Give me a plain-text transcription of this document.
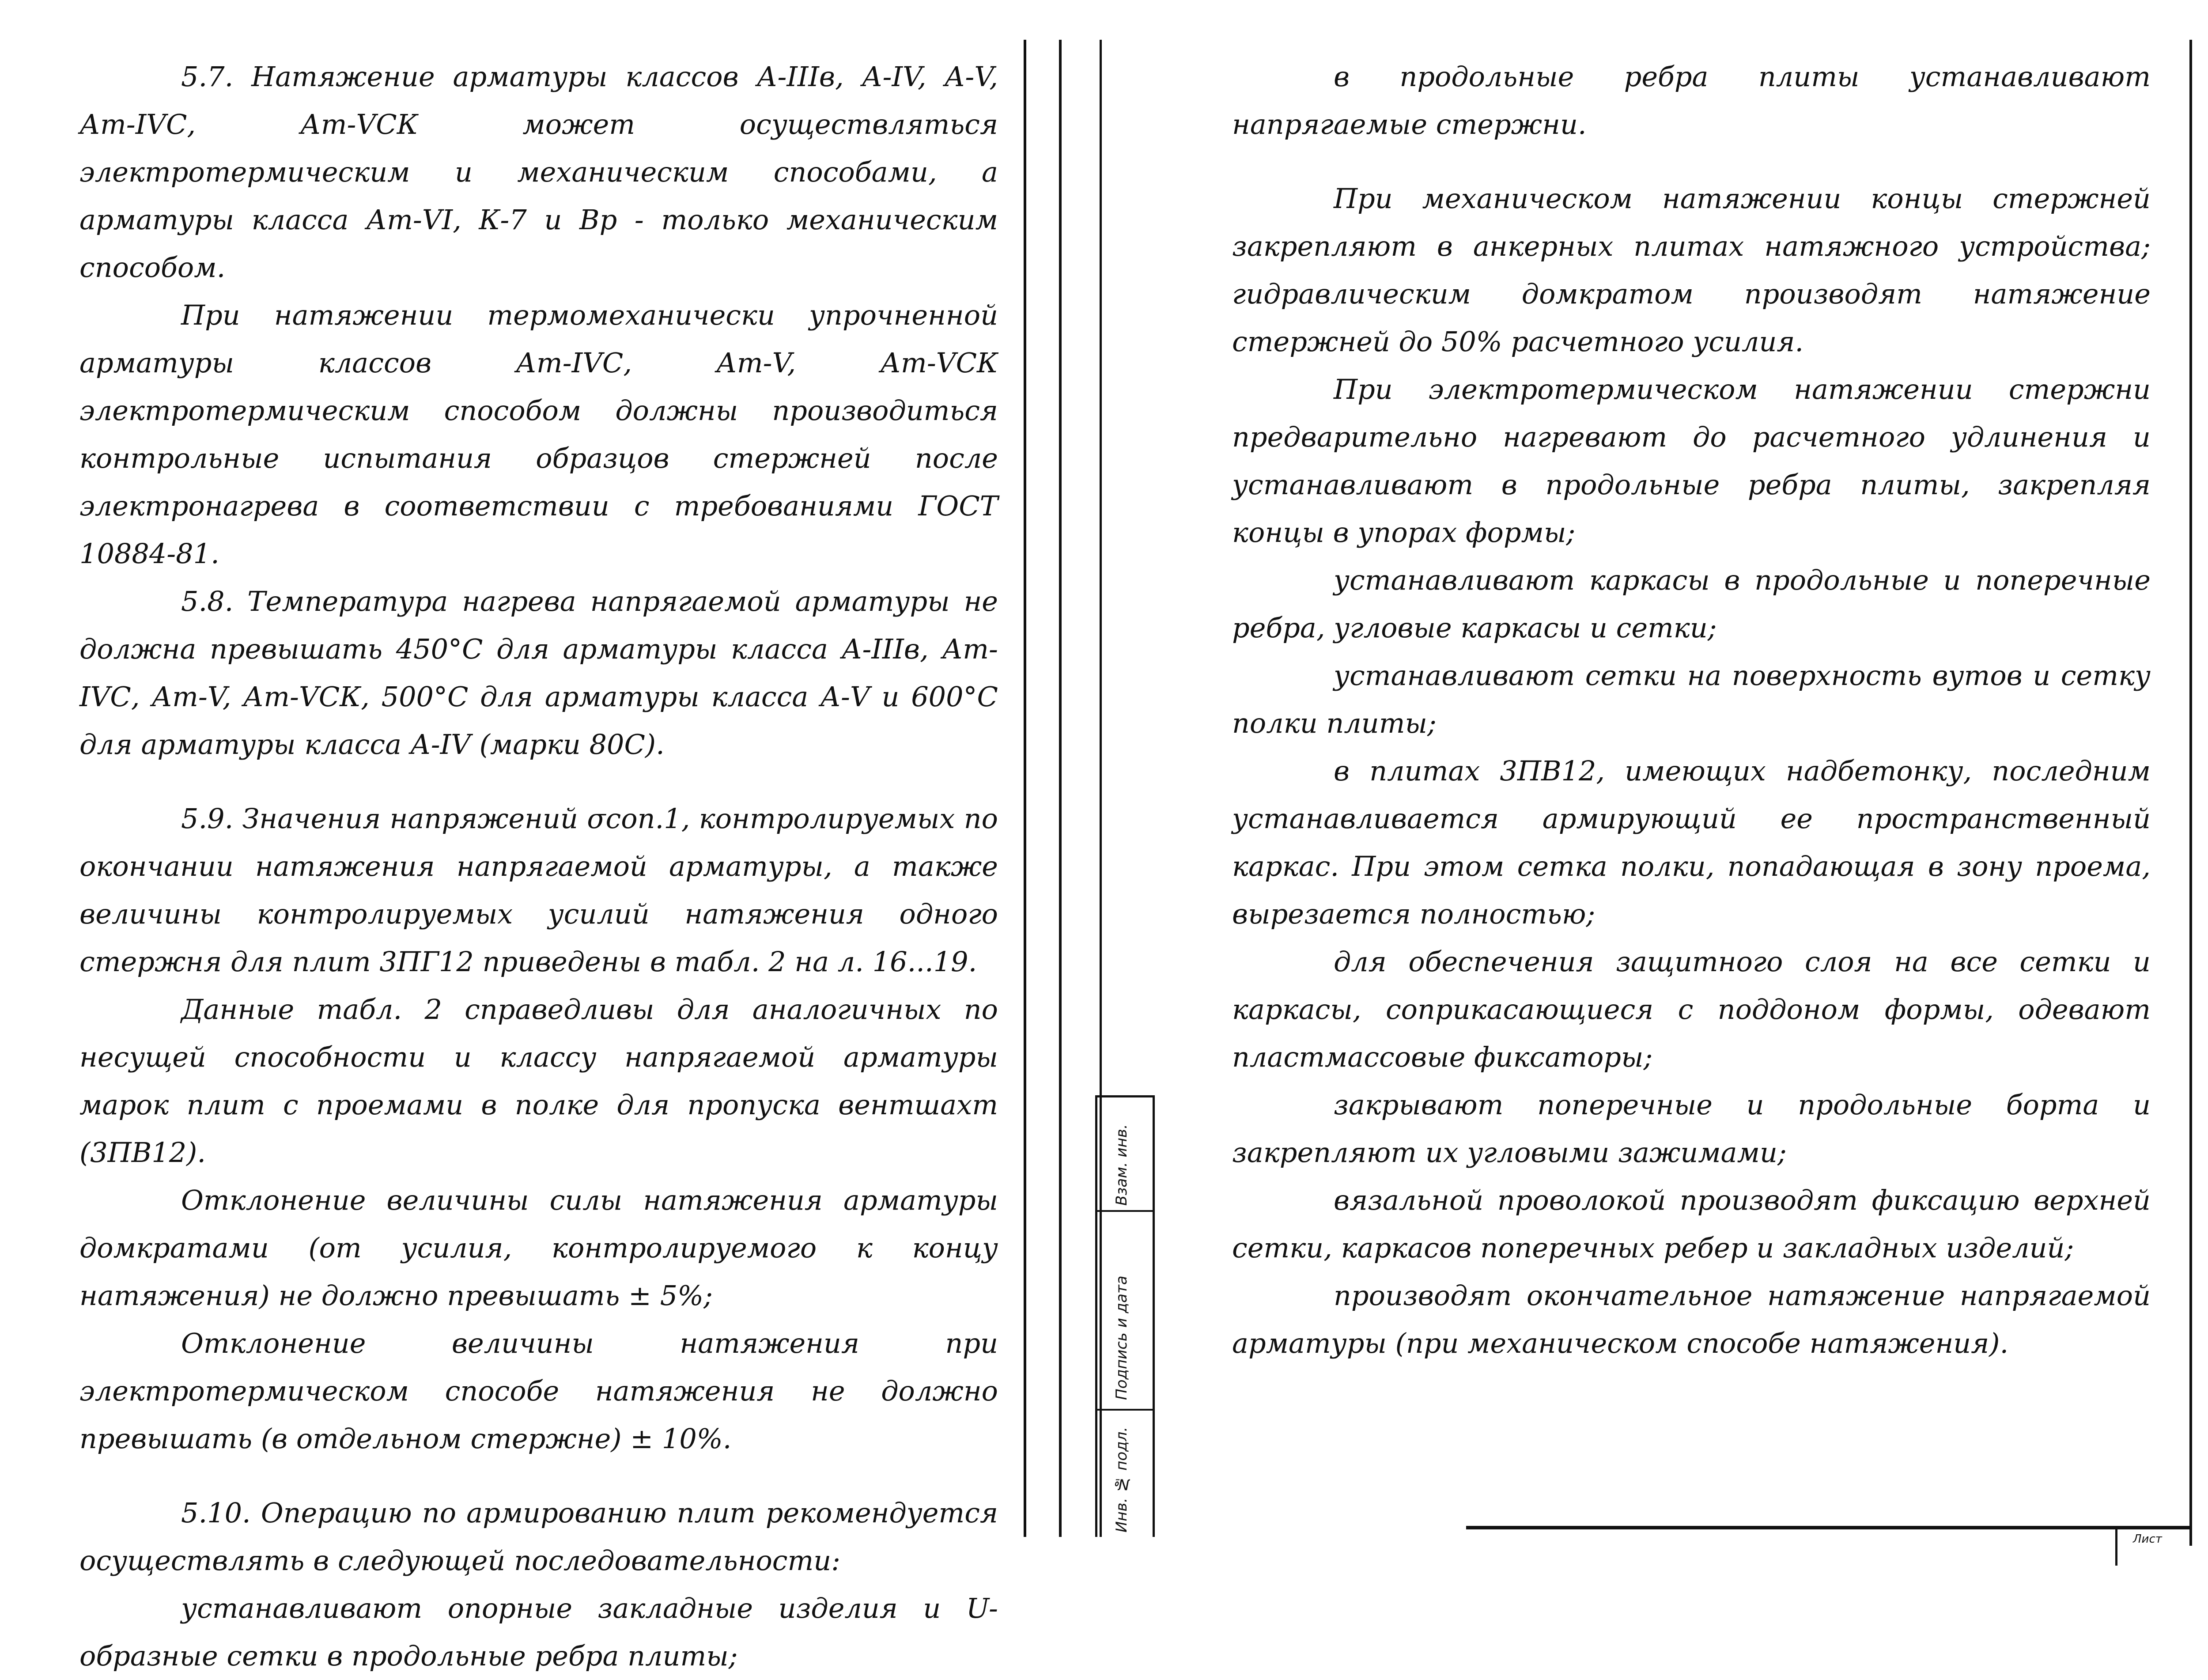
5.7. Натяжение арматуры классов А-IIIв, А-IV, А-V, Ат-IVС, Ат-VСК может осуществляться электротермическим и механическим способами, а арматуры класса Ат-VI, К-7 и Вр - только механическим способом.

При натяжении термомеханически упрочненной арматуры классов Ат-IVС, Ат-V, Ат-VСК электротермическим способом должны производиться контрольные испытания образцов стержней после электронагрева в соответствии с требованиями ГОСТ 10884-81.

5.8. Температура нагрева напрягаемой арматуры не должна превышать 450°С для арматуры класса А-IIIв, Ат-IVС, Ат-V, Ат-VСК, 500°С для арматуры класса А-V и 600°С для арматуры класса А-IV (марки 80С).

5.9. Значения напряжений σcon.1, контролируемых по окончании натяжения напрягаемой арматуры, а также величины контролируемых усилий натяжения одного стержня для плит 3ПГ12 приведены в табл. 2 на л. 16...19.

Данные табл. 2 справедливы для аналогичных по несущей способности и классу напрягаемой арматуры марок плит с проемами в полке для пропуска вентшахт (3ПВ12).

Отклонение величины силы натяжения арматуры домкратами (от усилия, контролируемого к концу натяжения) не должно превышать ± 5%;

Отклонение величины натяжения при электротермическом способе натяжения не должно превышать (в отдельном стержне) ± 10%.

5.10. Операцию по армированию плит рекомендуется осуществлять в следующей последовательности:

устанавливают опорные закладные изделия и U-образные сетки в продольные ребра плиты;

Взам. инв.
Подпись и дата
Инв. № подл.

в продольные ребра плиты устанавливают напрягаемые стержни.

При механическом натяжении концы стержней закрепляют в анкерных плитах натяжного устройства; гидравлическим домкратом производят натяжение стержней до 50% расчетного усилия.

При электротермическом натяжении стержни предварительно нагревают до расчетного удлинения и устанавливают в продольные ребра плиты, закрепляя концы в упорах формы;

устанавливают каркасы в продольные и поперечные ребра, угловые каркасы и сетки;

устанавливают сетки на поверхность вутов и сетку полки плиты;

в плитах 3ПВ12, имеющих надбетонку, последним устанавливается армирующий ее пространственный каркас. При этом сетка полки, попадающая в зону проема, вырезается полностью;

для обеспечения защитного слоя на все сетки и каркасы, соприкасающиеся с поддоном формы, одевают пластмассовые фиксаторы;

закрывают поперечные и продольные борта и закрепляют их угловыми зажимами;

вязальной проволокой производят фиксацию верхней сетки, каркасов поперечных ребер и закладных изделий;

производят окончательное натяжение напрягаемой арматуры (при механическом способе натяжения).

Лист
